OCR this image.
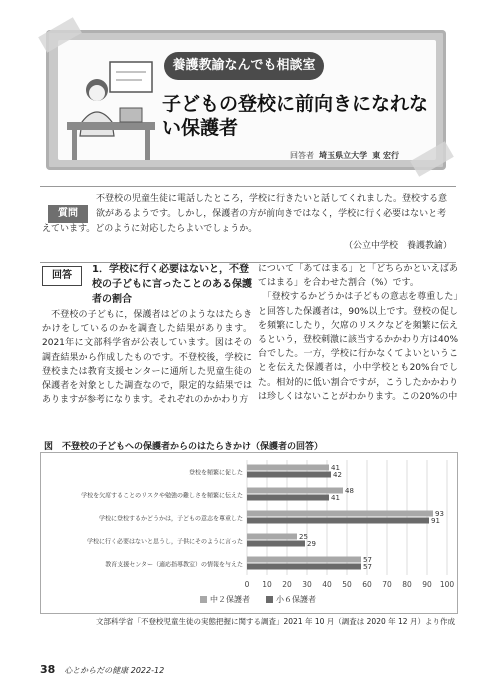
養護教諭なんでも相談室
子どもの登校に前向きになれない保護者
回答者 埼玉県立大学 東 宏行
質問
不登校の児童生徒に電話したところ，学校に行きたいと話してくれました。登校する意欲があるようです。しかし，保護者の方が前向きではなく，学校に行く必要はないと考
えています。どのように対応したらよいでしょうか。
（公立中学校　養護教諭）
回答
1．学校に行く必要はないと，不登校の子どもに言ったことのある保護者の割合
　不登校の子どもに，保護者はどのようなはたらきかけをしているのかを調査した結果があります。2021年に文部科学省が公表しています。図はその調査結果から作成したものです。不登校後，学校に登校または教育支援センターに通所した児童生徒の保護者を対象とした調査なので，限定的な結果ではありますが参考になります。それぞれのかかわり方
について「あてはまる」と「どちらかといえばあてはまる」を合わせた割合（%）です。
　「登校するかどうかは子どもの意志を尊重した」と回答した保護者は，90%以上です。登校の促しを頻繁にしたり，欠席のリスクなどを頻繁に伝えるという，登校刺激に該当するかかわり方は40%台でした。一方，学校に行かなくてよいということを伝えた保護者は，小中学校とも20%台でした。相対的に低い割合ですが，こうしたかかわりは珍しくはないことがわかります。この20%の中
図　不登校の子どもへの保護者からのはたらきかけ（保護者の回答）
0 10 20 30 40 50 60 70 80 90 100
登校を頻繁に促した
41
42
学校を欠席することのリスクや勉強の難しさを頻繁に伝えた
48
41
学校に登校するかどうかは，子どもの意志を尊重した
93
91
学校に行く必要はないと思うし，子供にそのように言った
25
29
教育支援センター（適応指導教室）の情報を与えた
57
57
中２保護者	小６保護者
文部科学省「不登校児童生徒の実態把握に関する調査」2021 年 10 月（調査は 2020 年 12 月）より作成
38 心とからだの健康 2022-12
